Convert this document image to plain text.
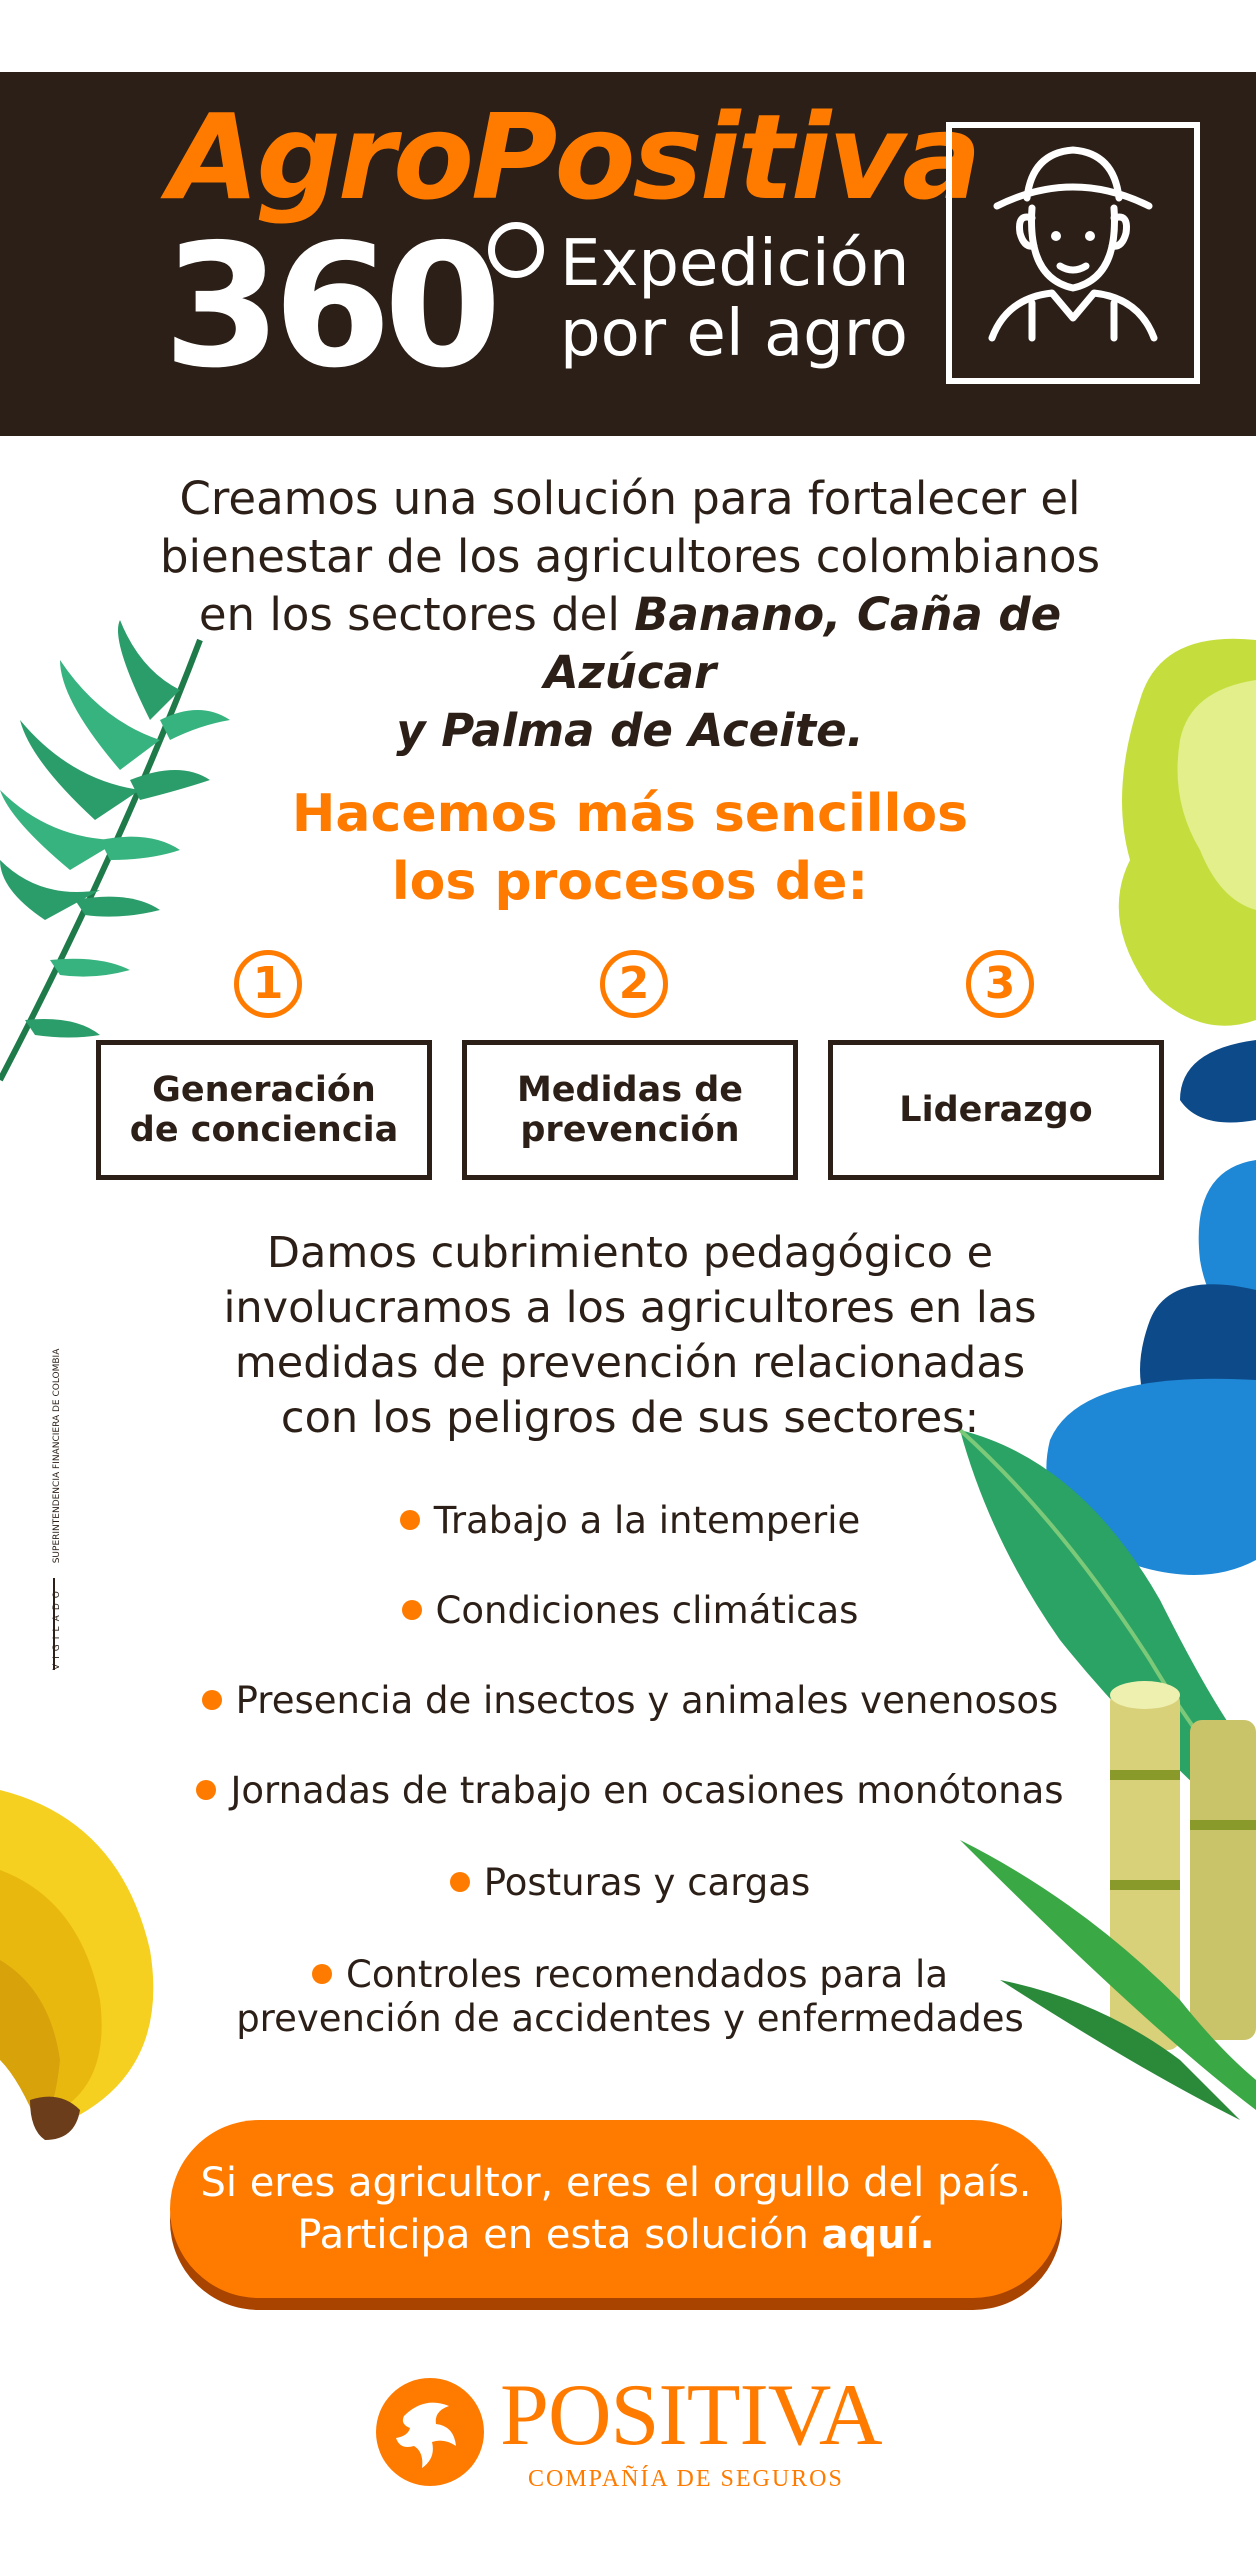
AgroPositiva
360 Expedición
por el agro
Creamos una solución para fortalecer el
bienestar de los agricultores colombianos
en los sectores del Banano, Caña de Azúcar
y Palma de Aceite.
Hacemos más sencillos
los procesos de:
1	2	3
Generación
de conciencia
Medidas de
prevención	Liderazgo
Damos cubrimiento pedagógico e
involucramos a los agricultores en las
medidas de prevención relacionadas
con los peligros de sus sectores:
Trabajo a la intemperie
Condiciones climáticas
Presencia de insectos y animales venenosos
Jornadas de trabajo en ocasiones monótonas
Posturas y cargas
Controles recomendados para la
prevención de accidentes y enfermedades
Si eres agricultor, eres el orgullo del país.
Participa en esta solución aquí.
VIGILADO SUPERINTENDENCIA FINANCIERA DE COLOMBIA
POSITIVA
COMPAÑÍA DE SEGUROS
